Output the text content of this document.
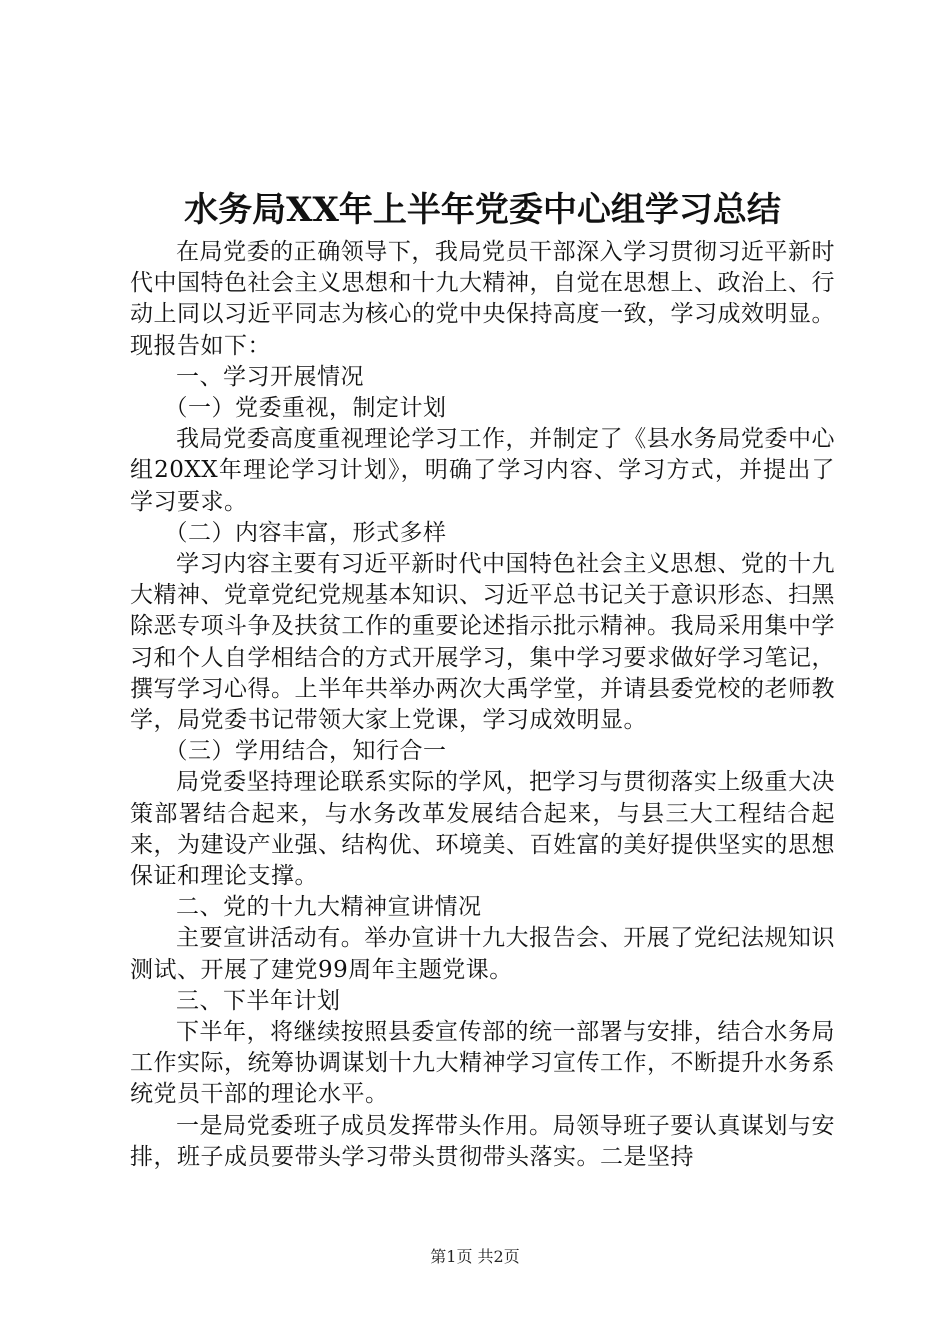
水务局XX年上半年党委中心组学习总结

在局党委的正确领导下，我局党员干部深入学习贯彻习近平新时代中国特色社会主义思想和十九大精神，自觉在思想上、政治上、行动上同以习近平同志为核心的党中央保持高度一致，学习成效明显。现报告如下：

一、学习开展情况

（一）党委重视，制定计划

我局党委高度重视理论学习工作，并制定了《县水务局党委中心组20XX年理论学习计划》，明确了学习内容、学习方式，并提出了学习要求。

（二）内容丰富，形式多样

学习内容主要有习近平新时代中国特色社会主义思想、党的十九大精神、党章党纪党规基本知识、习近平总书记关于意识形态、扫黑除恶专项斗争及扶贫工作的重要论述指示批示精神。我局采用集中学习和个人自学相结合的方式开展学习，集中学习要求做好学习笔记，撰写学习心得。上半年共举办两次大禹学堂，并请县委党校的老师教学，局党委书记带领大家上党课，学习成效明显。

（三）学用结合，知行合一

局党委坚持理论联系实际的学风，把学习与贯彻落实上级重大决策部署结合起来，与水务改革发展结合起来，与县三大工程结合起来，为建设产业强、结构优、环境美、百姓富的美好提供坚实的思想保证和理论支撑。

二、党的十九大精神宣讲情况

主要宣讲活动有。举办宣讲十九大报告会、开展了党纪法规知识测试、开展了建党99周年主题党课。

三、下半年计划

下半年，将继续按照县委宣传部的统一部署与安排，结合水务局工作实际，统筹协调谋划十九大精神学习宣传工作，不断提升水务系统党员干部的理论水平。

一是局党委班子成员发挥带头作用。局领导班子要认真谋划与安排，班子成员要带头学习带头贯彻带头落实。二是坚持

第1页 共2页
